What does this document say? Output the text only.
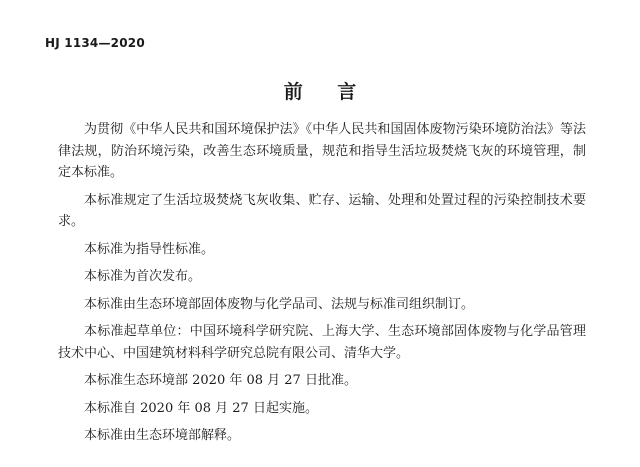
HJ 1134—2020
前 言

为贯彻《中华人民共和国环境保护法》《中华人民共和国固体废物污染环境防治法》等法律法规，防治环境污染，改善生态环境质量，规范和指导生活垃圾焚烧飞灰的环境管理，制定本标准。

本标准规定了生活垃圾焚烧飞灰收集、贮存、运输、处理和处置过程的污染控制技术要求。

本标准为指导性标准。

本标准为首次发布。

本标准由生态环境部固体废物与化学品司、法规与标准司组织制订。

本标准起草单位：中国环境科学研究院、上海大学、生态环境部固体废物与化学品管理技术中心、中国建筑材料科学研究总院有限公司、清华大学。

本标准生态环境部 2020 年 08 月 27 日批准。

本标准自 2020 年 08 月 27 日起实施。

本标准由生态环境部解释。
